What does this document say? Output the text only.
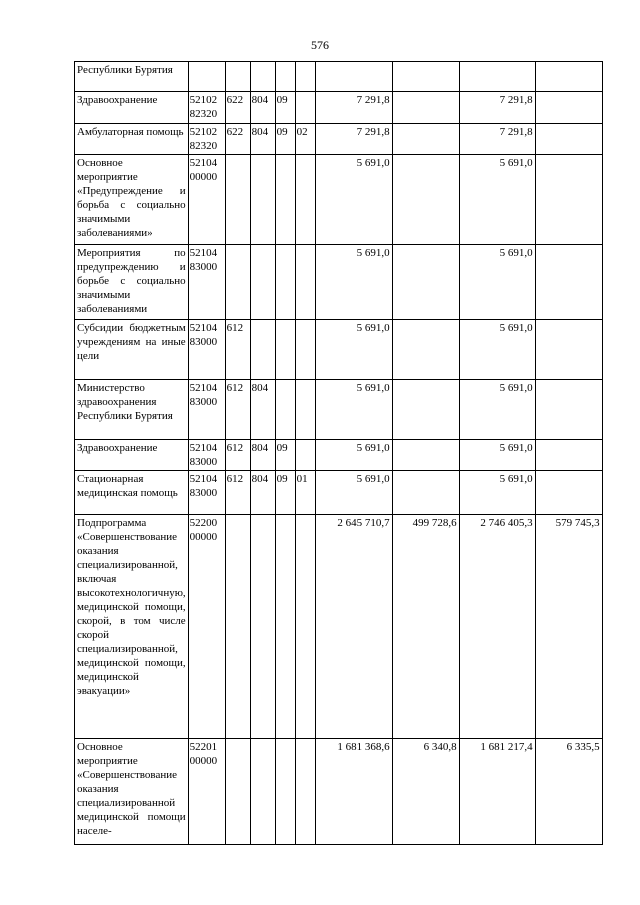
576
Республики Бурятия									
Здравоохранение	52102 82320	622	804	09		7 291,8		7 291,8	
Амбулаторная помощь	52102 82320	622	804	09	02	7 291,8		7 291,8	
Основное мероприятие «Предупреждение и борьба с социально значимыми заболеваниями»	52104 00000					5 691,0		5 691,0	
Мероприятия по предупреждению и борьбе с социально значимыми заболеваниями	52104 83000					5 691,0		5 691,0	
Субсидии бюджетным учреждениям на иные цели	52104 83000	612				5 691,0		5 691,0	
Министерство здравоохранения Республики Бурятия	52104 83000	612	804			5 691,0		5 691,0	
Здравоохранение	52104 83000	612	804	09		5 691,0		5 691,0	
Стационарная медицинская помощь	52104 83000	612	804	09	01	5 691,0		5 691,0	
Подпрограмма «Совершенствование оказания специализированной, включая высокотехнологичную, медицинской помощи, скорой, в том числе скорой специализированной, медицинской помощи, медицинской эвакуации»	52200 00000					2 645 710,7	499 728,6	2 746 405,3	579 745,3
Основное мероприятие «Совершенствование оказания специализированной медицинской помощи населе-	52201 00000					1 681 368,6	6 340,8	1 681 217,4	6 335,5
